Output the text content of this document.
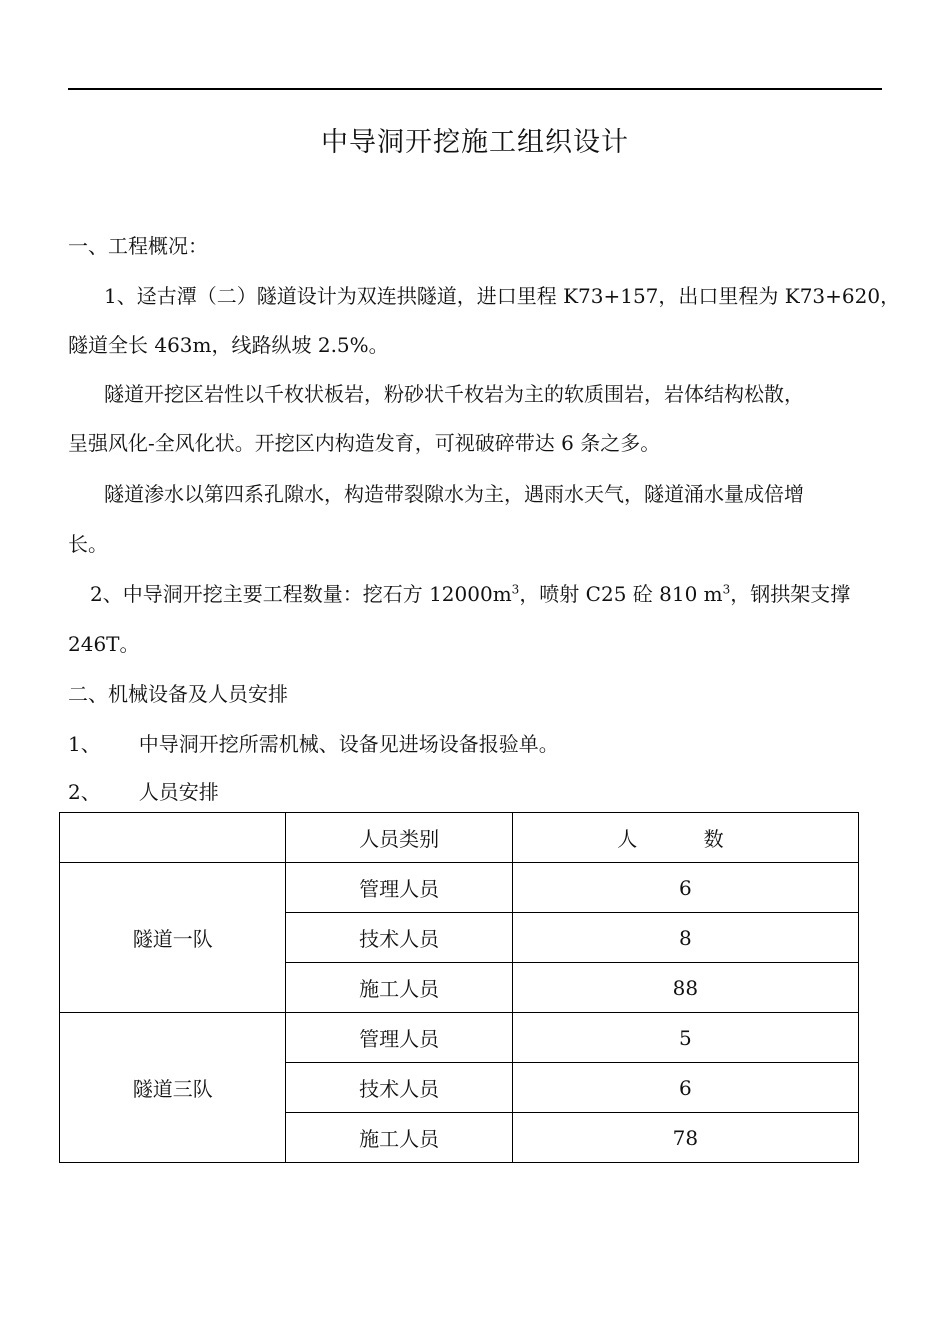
中导洞开挖施工组织设计
一、工程概况：
1、迳古潭（二）隧道设计为双连拱隧道，进口里程 K73+157，出口里程为 K73+620，
隧道全长 463m，线路纵坡 2.5%。
隧道开挖区岩性以千枚状板岩，粉砂状千枚岩为主的软质围岩，岩体结构松散，
呈强风化-全风化状。开挖区内构造发育，可视破碎带达 6 条之多。
隧道渗水以第四系孔隙水，构造带裂隙水为主，遇雨水天气，隧道涌水量成倍增
长。
2、中导洞开挖主要工程数量：挖石方 $12000m^3$，喷射 C25 砼 810 $m^3$，钢拱架支撑
246T。
二、机械设备及人员安排
1、 中导洞开挖所需机械、设备见进场设备报验单。
2、 人员安排
	人员类别	人 数
隧道一队	管理人员	6
	技术人员	8
	施工人员	88
隧道三队	管理人员	5
	技术人员	6
	施工人员	78
